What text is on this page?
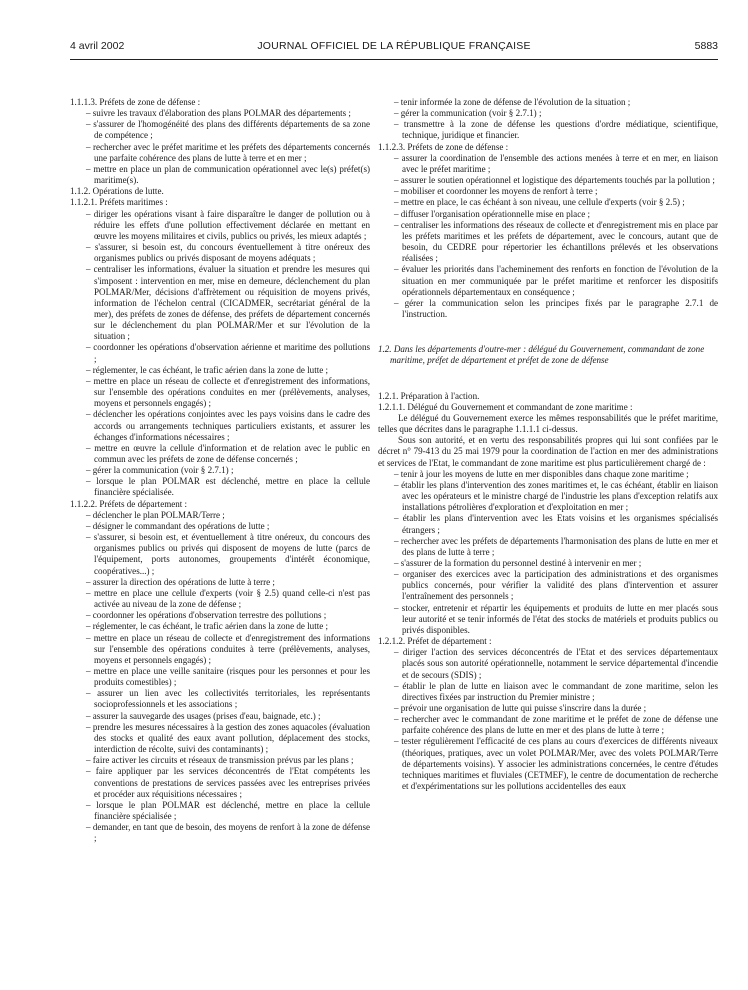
4 avril 2002	JOURNAL OFFICIEL DE LA RÉPUBLIQUE FRANÇAISE	5883

1.1.1.3. Préfets de zone de défense :

– suivre les travaux d'élaboration des plans POLMAR des départements ;

– s'assurer de l'homogénéité des plans des différents départements de sa zone de compétence ;

– rechercher avec le préfet maritime et les préfets des départements concernés une parfaite cohérence des plans de lutte à terre et en mer ;

– mettre en place un plan de communication opérationnel avec le(s) préfet(s) maritime(s).

1.1.2. Opérations de lutte.

1.1.2.1. Préfets maritimes :

– diriger les opérations visant à faire disparaître le danger de pollution ou à réduire les effets d'une pollution effectivement déclarée en mettant en œuvre les moyens militaires et civils, publics ou privés, les mieux adaptés ;

– s'assurer, si besoin est, du concours éventuellement à titre onéreux des organismes publics ou privés disposant de moyens adéquats ;

– centraliser les informations, évaluer la situation et prendre les mesures qui s'imposent : intervention en mer, mise en demeure, déclenchement du plan POLMAR/Mer, décisions d'affrètement ou réquisition de moyens privés, information de l'échelon central (CICADMER, secrétariat général de la mer), des préfets de zones de défense, des préfets de département concernés sur le déclenchement du plan POLMAR/Mer et sur l'évolution de la situation ;

– coordonner les opérations d'observation aérienne et maritime des pollutions ;

– réglementer, le cas échéant, le trafic aérien dans la zone de lutte ;

– mettre en place un réseau de collecte et d'enregistrement des informations, sur l'ensemble des opérations conduites en mer (prélèvements, analyses, moyens et personnels engagés) ;

– déclencher les opérations conjointes avec les pays voisins dans le cadre des accords ou arrangements techniques particuliers existants, et assurer les échanges d'informations nécessaires ;

– mettre en œuvre la cellule d'information et de relation avec le public en commun avec les préfets de zone de défense concernés ;

– gérer la communication (voir § 2.7.1) ;

– lorsque le plan POLMAR est déclenché, mettre en place la cellule financière spécialisée.

1.1.2.2. Préfets de département :

– déclencher le plan POLMAR/Terre ;

– désigner le commandant des opérations de lutte ;

– s'assurer, si besoin est, et éventuellement à titre onéreux, du concours des organismes publics ou privés qui disposent de moyens de lutte (parcs de l'équipement, ports autonomes, groupements d'intérêt économique, coopératives...) ;

– assurer la direction des opérations de lutte à terre ;

– mettre en place une cellule d'experts (voir § 2.5) quand celle-ci n'est pas activée au niveau de la zone de défense ;

– coordonner les opérations d'observation terrestre des pollutions ;

– réglementer, le cas échéant, le trafic aérien dans la zone de lutte ;

– mettre en place un réseau de collecte et d'enregistrement des informations sur l'ensemble des opérations conduites à terre (prélèvements, analyses, moyens et personnels engagés) ;

– mettre en place une veille sanitaire (risques pour les personnes et pour les produits comestibles) ;

– assurer un lien avec les collectivités territoriales, les représentants socioprofessionnels et les associations ;

– assurer la sauvegarde des usages (prises d'eau, baignade, etc.) ;

– prendre les mesures nécessaires à la gestion des zones aquacoles (évaluation des stocks et qualité des eaux avant pollution, déplacement des stocks, interdiction de récolte, suivi des contaminants) ;

– faire activer les circuits et réseaux de transmission prévus par les plans ;

– faire appliquer par les services déconcentrés de l'Etat compétents les conventions de prestations de services passées avec les entreprises privées et procéder aux réquisitions nécessaires ;

– lorsque le plan POLMAR est déclenché, mettre en place la cellule financière spécialisée ;

– demander, en tant que de besoin, des moyens de renfort à la zone de défense ;

– tenir informée la zone de défense de l'évolution de la situation ;

– gérer la communication (voir § 2.7.1) ;

– transmettre à la zone de défense les questions d'ordre médiatique, scientifique, technique, juridique et financier.

1.1.2.3. Préfets de zone de défense :

– assurer la coordination de l'ensemble des actions menées à terre et en mer, en liaison avec le préfet maritime ;

– assurer le soutien opérationnel et logistique des départements touchés par la pollution ;

– mobiliser et coordonner les moyens de renfort à terre ;

– mettre en place, le cas échéant à son niveau, une cellule d'experts (voir § 2.5) ;

– diffuser l'organisation opérationnelle mise en place ;

– centraliser les informations des réseaux de collecte et d'enregistrement mis en place par les préfets maritimes et les préfets de département, avec le concours, autant que de besoin, du CEDRE pour répertorier les échantillons prélevés et les observations réalisées ;

– évaluer les priorités dans l'acheminement des renforts en fonction de l'évolution de la situation en mer communiquée par le préfet maritime et renforcer les dispositifs opérationnels départementaux en conséquence ;

– gérer la communication selon les principes fixés par le paragraphe 2.7.1 de l'instruction.

1.2. Dans les départements d'outre-mer : délégué du Gouvernement, commandant de zone maritime, préfet de département et préfet de zone de défense

1.2.1. Préparation à l'action.

1.2.1.1. Délégué du Gouvernement et commandant de zone maritime :

Le délégué du Gouvernement exerce les mêmes responsabilités que le préfet maritime, telles que décrites dans le paragraphe 1.1.1.1 ci-dessus.

Sous son autorité, et en vertu des responsabilités propres qui lui sont confiées par le décret n° 79-413 du 25 mai 1979 pour la coordination de l'action en mer des administrations et services de l'Etat, le commandant de zone maritime est plus particulièrement chargé de :

– tenir à jour les moyens de lutte en mer disponibles dans chaque zone maritime ;

– établir les plans d'intervention des zones maritimes et, le cas échéant, établir en liaison avec les opérateurs et le ministre chargé de l'industrie les plans d'exception relatifs aux installations pétrolières d'exploration et d'exploitation en mer ;

– établir les plans d'intervention avec les Etats voisins et les organismes spécialisés étrangers ;

– rechercher avec les préfets de départements l'harmonisation des plans de lutte en mer et des plans de lutte à terre ;

– s'assurer de la formation du personnel destiné à intervenir en mer ;

– organiser des exercices avec la participation des administrations et des organismes publics concernés, pour vérifier la validité des plans d'intervention et assurer l'entraînement des personnels ;

– stocker, entretenir et répartir les équipements et produits de lutte en mer placés sous leur autorité et se tenir informés de l'état des stocks de matériels et produits publics ou privés disponibles.

1.2.1.2. Préfet de département :

– diriger l'action des services déconcentrés de l'Etat et des services départementaux placés sous son autorité opérationnelle, notamment le service départemental d'incendie et de secours (SDIS) ;

– établir le plan de lutte en liaison avec le commandant de zone maritime, selon les directives fixées par instruction du Premier ministre ;

– prévoir une organisation de lutte qui puisse s'inscrire dans la durée ;

– rechercher avec le commandant de zone maritime et le préfet de zone de défense une parfaite cohérence des plans de lutte en mer et des plans de lutte à terre ;

– tester régulièrement l'efficacité de ces plans au cours d'exercices de différents niveaux (théoriques, pratiques, avec un volet POLMAR/Mer, avec des volets POLMAR/Terre de départements voisins). Y associer les administrations concernées, le centre d'études techniques maritimes et fluviales (CETMEF), le centre de documentation de recherche et d'expérimentations sur les pollutions accidentelles des eaux
